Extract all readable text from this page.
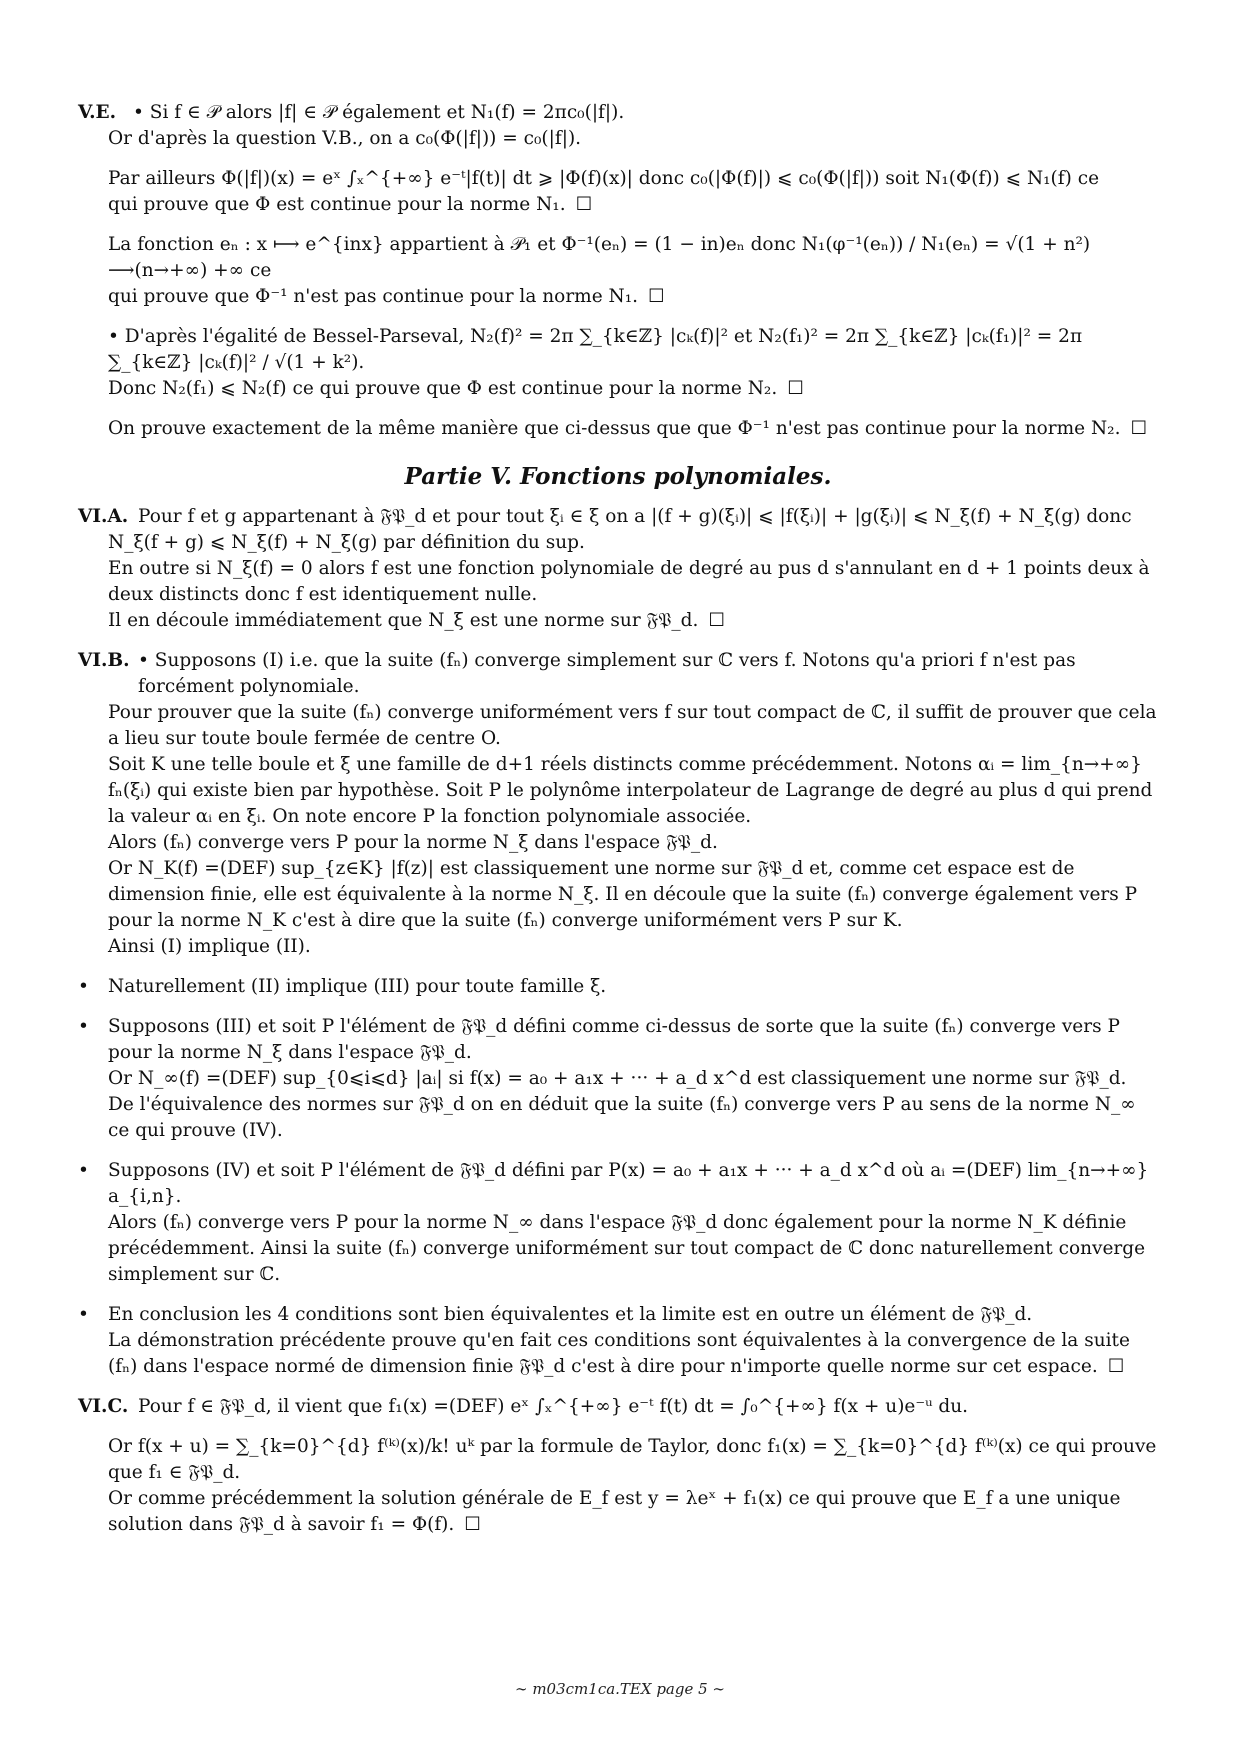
V.E. • Si f ∈ 𝒫 alors |f| ∈ 𝒫 également et N₁(f) = 2πc₀(|f|).

Or d'après la question V.B., on a c₀(Φ(|f|)) = c₀(|f|).

Par ailleurs Φ(|f|)(x) = eˣ ∫ₓ^{+∞} e⁻ᵗ|f(t)| dt ⩾ |Φ(f)(x)| donc c₀(|Φ(f)|) ⩽ c₀(Φ(|f|)) soit N₁(Φ(f)) ⩽ N₁(f) ce

qui prouve que Φ est continue pour la norme N₁. ☐

La fonction eₙ : x ⟼ e^{inx} appartient à 𝒫₁ et Φ⁻¹(eₙ) = (1 − in)eₙ donc N₁(φ⁻¹(eₙ)) / N₁(eₙ) = √(1 + n²) ⟶(n→+∞) +∞ ce

qui prouve que Φ⁻¹ n'est pas continue pour la norme N₁. ☐

• D'après l'égalité de Bessel-Parseval, N₂(f)² = 2π ∑_{k∈ℤ} |cₖ(f)|² et N₂(f₁)² = 2π ∑_{k∈ℤ} |cₖ(f₁)|² = 2π ∑_{k∈ℤ} |cₖ(f)|² / √(1 + k²).

Donc N₂(f₁) ⩽ N₂(f) ce qui prouve que Φ est continue pour la norme N₂. ☐

On prouve exactement de la même manière que ci-dessus que que Φ⁻¹ n'est pas continue pour la norme N₂. ☐

Partie V. Fonctions polynomiales.
VI.A. Pour f et g appartenant à 𝔉𝔓_d et pour tout ξᵢ ∈ ξ on a |(f + g)(ξᵢ)| ⩽ |f(ξᵢ)| + |g(ξᵢ)| ⩽ N_ξ(f) + N_ξ(g) donc

N_ξ(f + g) ⩽ N_ξ(f) + N_ξ(g) par définition du sup.

En outre si N_ξ(f) = 0 alors f est une fonction polynomiale de degré au pus d s'annulant en d + 1 points deux à deux distincts donc f est identiquement nulle.

Il en découle immédiatement que N_ξ est une norme sur 𝔉𝔓_d. ☐

VI.B. • Supposons (I) i.e. que la suite (fₙ) converge simplement sur ℂ vers f. Notons qu'a priori f n'est pas forcément polynomiale.

Pour prouver que la suite (fₙ) converge uniformément vers f sur tout compact de ℂ, il suffit de prouver que cela a lieu sur toute boule fermée de centre O.

Soit K une telle boule et ξ une famille de d+1 réels distincts comme précédemment. Notons αᵢ = lim_{n→+∞} fₙ(ξᵢ) qui existe bien par hypothèse. Soit P le polynôme interpolateur de Lagrange de degré au plus d qui prend la valeur αᵢ en ξᵢ. On note encore P la fonction polynomiale associée.

Alors (fₙ) converge vers P pour la norme N_ξ dans l'espace 𝔉𝔓_d.

Or N_K(f) =(DEF) sup_{z∈K} |f(z)| est classiquement une norme sur 𝔉𝔓_d et, comme cet espace est de dimension finie, elle est équivalente à la norme N_ξ. Il en découle que la suite (fₙ) converge également vers P pour la norme N_K c'est à dire que la suite (fₙ) converge uniformément vers P sur K.

Ainsi (I) implique (II).

• Naturellement (II) implique (III) pour toute famille ξ.

• Supposons (III) et soit P l'élément de 𝔉𝔓_d défini comme ci-dessus de sorte que la suite (fₙ) converge vers P pour la norme N_ξ dans l'espace 𝔉𝔓_d.

Or N_∞(f) =(DEF) sup_{0⩽i⩽d} |aᵢ| si f(x) = a₀ + a₁x + ··· + a_d x^d est classiquement une norme sur 𝔉𝔓_d.

De l'équivalence des normes sur 𝔉𝔓_d on en déduit que la suite (fₙ) converge vers P au sens de la norme N_∞ ce qui prouve (IV).

• Supposons (IV) et soit P l'élément de 𝔉𝔓_d défini par P(x) = a₀ + a₁x + ··· + a_d x^d où aᵢ =(DEF) lim_{n→+∞} a_{i,n}.

Alors (fₙ) converge vers P pour la norme N_∞ dans l'espace 𝔉𝔓_d donc également pour la norme N_K définie précédemment. Ainsi la suite (fₙ) converge uniformément sur tout compact de ℂ donc naturellement converge simplement sur ℂ.

• En conclusion les 4 conditions sont bien équivalentes et la limite est en outre un élément de 𝔉𝔓_d.

La démonstration précédente prouve qu'en fait ces conditions sont équivalentes à la convergence de la suite (fₙ) dans l'espace normé de dimension finie 𝔉𝔓_d c'est à dire pour n'importe quelle norme sur cet espace. ☐

VI.C. Pour f ∈ 𝔉𝔓_d, il vient que f₁(x) =(DEF) eˣ ∫ₓ^{+∞} e⁻ᵗ f(t) dt = ∫₀^{+∞} f(x + u)e⁻ᵘ du.

Or f(x + u) = ∑_{k=0}^{d} f⁽ᵏ⁾(x)/k! uᵏ par la formule de Taylor, donc f₁(x) = ∑_{k=0}^{d} f⁽ᵏ⁾(x) ce qui prouve que f₁ ∈ 𝔉𝔓_d.

Or comme précédemment la solution générale de E_f est y = λeˣ + f₁(x) ce qui prouve que E_f a une unique solution dans 𝔉𝔓_d à savoir f₁ = Φ(f). ☐

∼ m03cm1ca.TEX page 5 ∼
